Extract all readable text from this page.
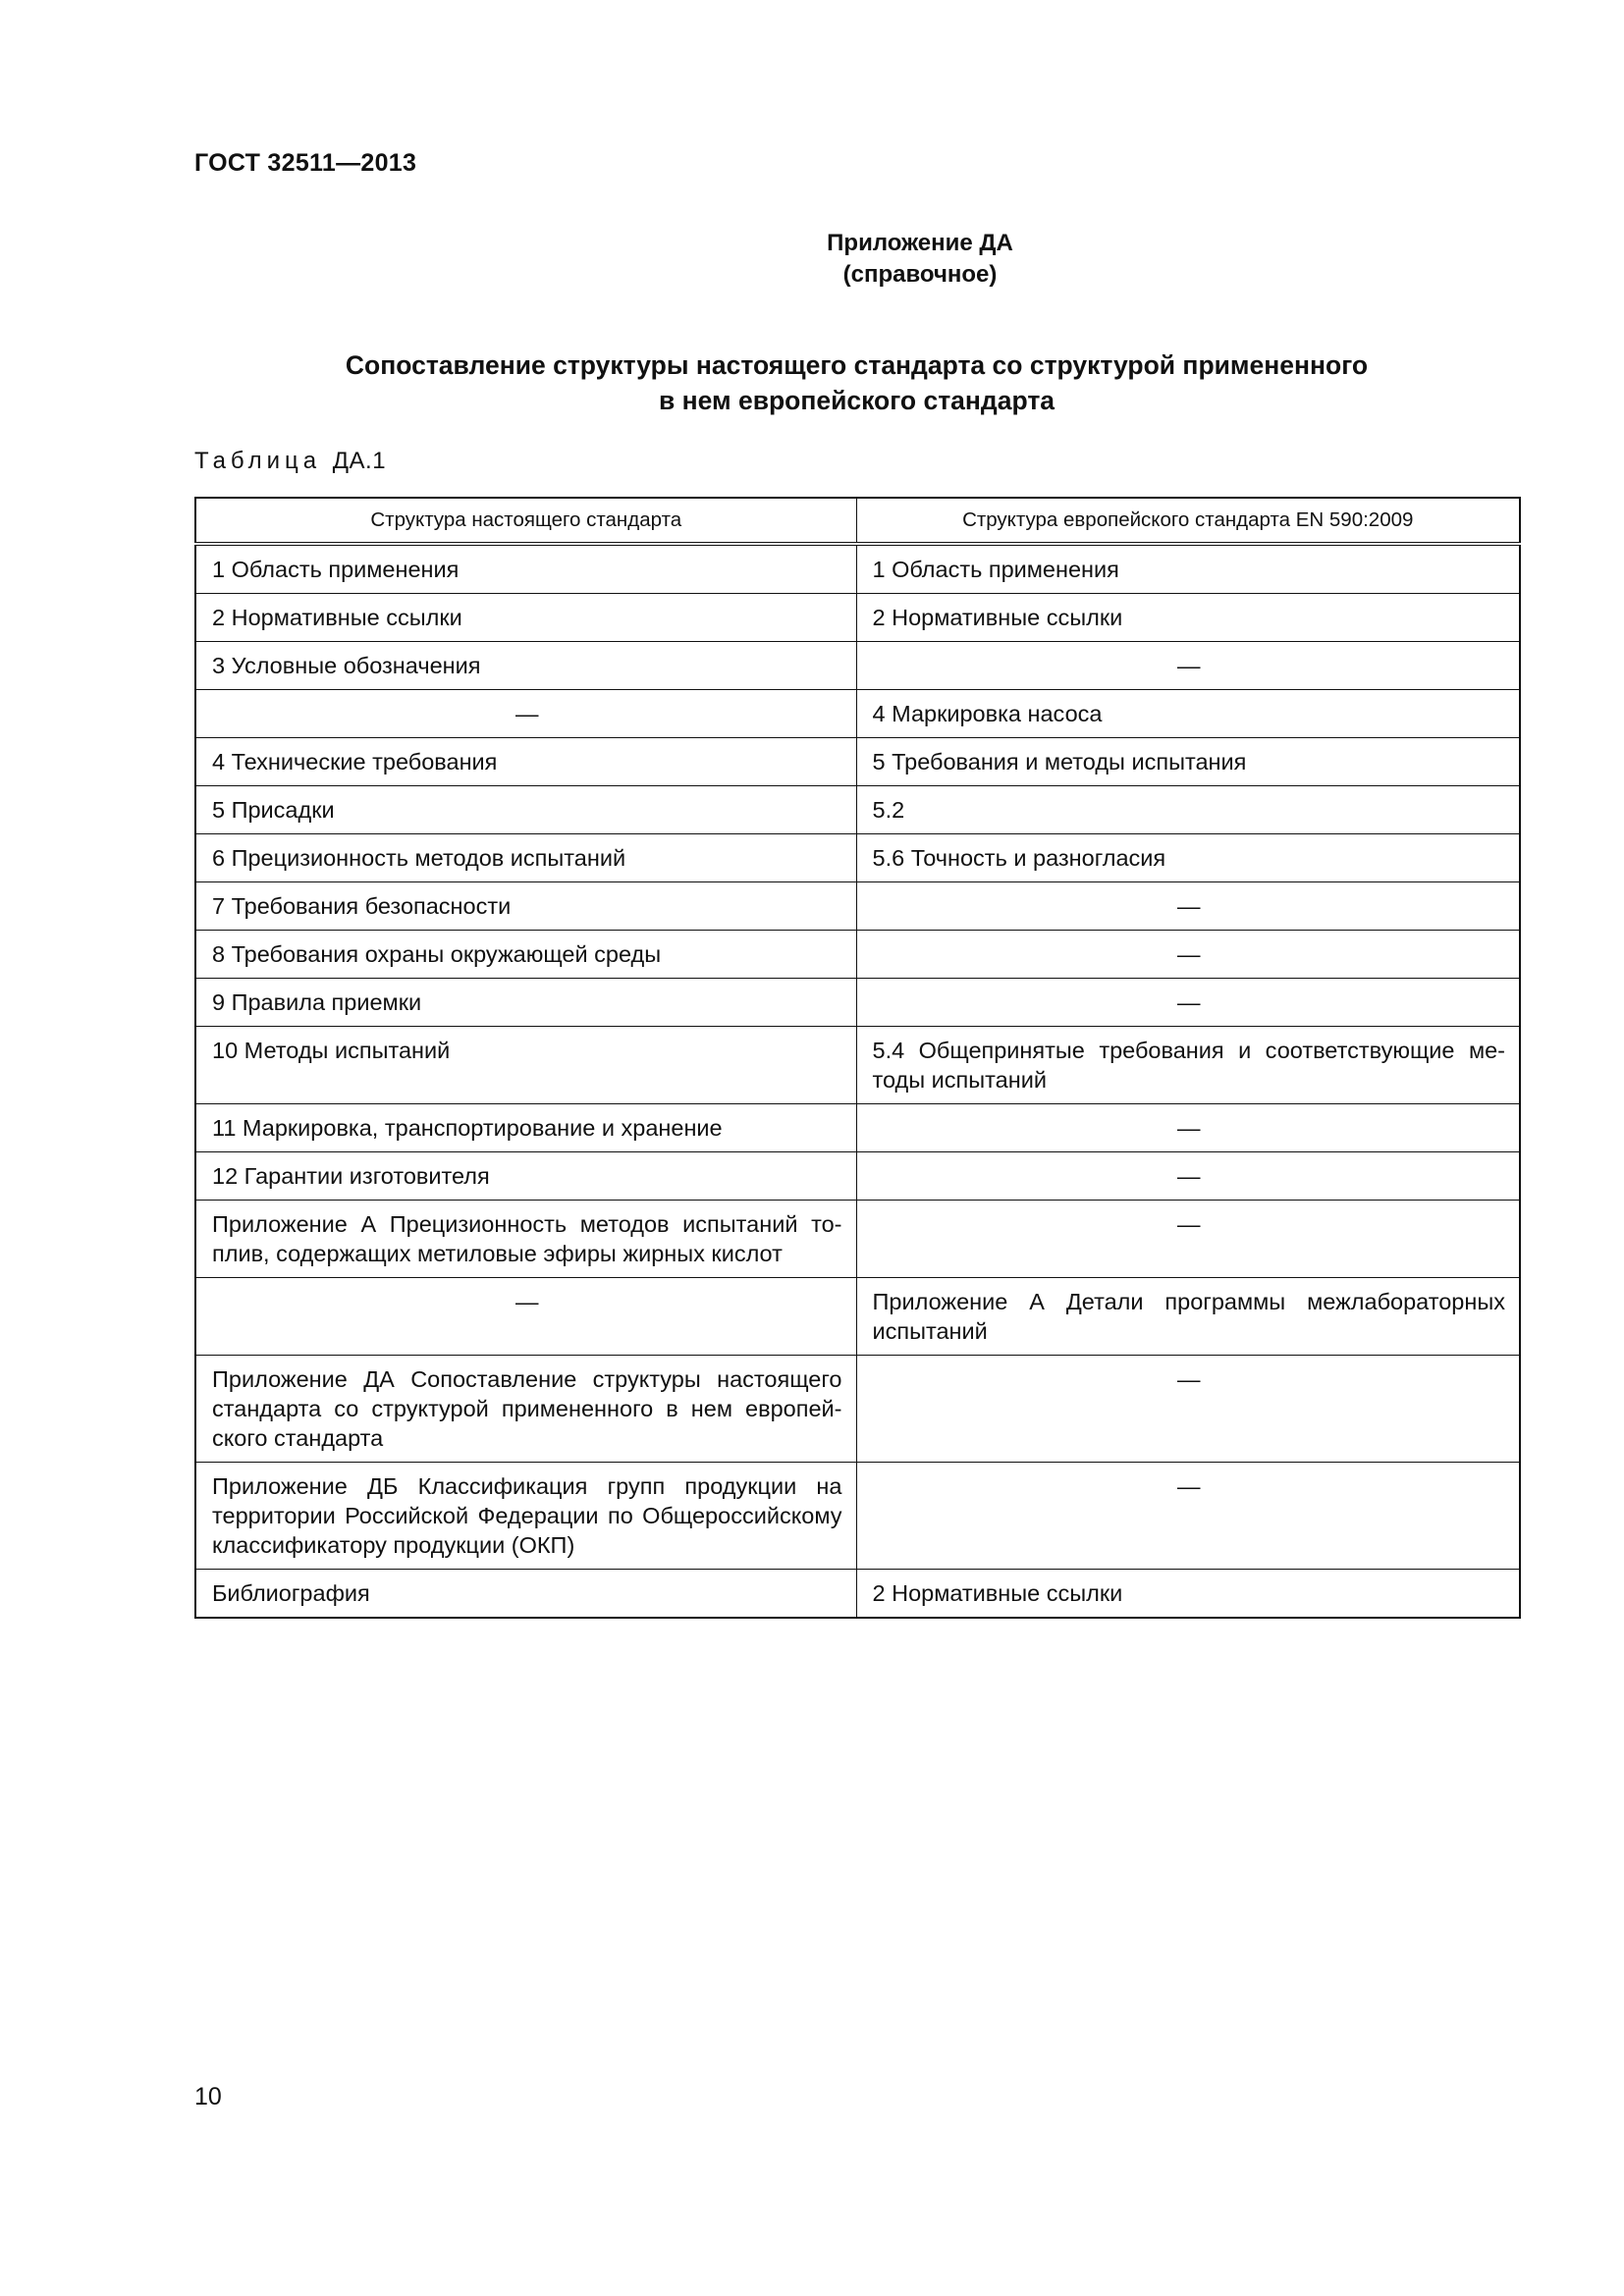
ГОСТ 32511—2013
Приложение ДА
(справочное)
Сопоставление структуры настоящего стандарта со структурой примененного
в нем европейского стандарта
Таблица ДА.1
Структура настоящего стандарта	Структура европейского стандарта EN 590:2009
1 Область применения	1 Область применения
2 Нормативные ссылки	2 Нормативные ссылки
3 Условные обозначения	—
—	4 Маркировка насоса
4 Технические требования	5 Требования и методы испытания
5 Присадки	5.2
6 Прецизионность методов испытаний	5.6 Точность и разногласия
7 Требования безопасности	—
8 Требования охраны окружающей среды	—
9 Правила приемки	—
10 Методы испытаний	5.4 Общепринятые требования и соответствующие методы испытаний
11 Маркировка, транспортирование и хранение	—
12 Гарантии изготовителя	—
Приложение А Прецизионность методов испытаний топлив, содержащих метиловые эфиры жирных кислот	—
—	Приложение А Детали программы межлабораторных испытаний
Приложение ДА Сопоставление структуры настоящего стандарта со структурой примененного в нем европейского стандарта	—
Приложение ДБ Классификация групп продукции на территории Российской Федерации по Общероссийскому классификатору продукции (ОКП)	—
Библиография	2 Нормативные ссылки
10
